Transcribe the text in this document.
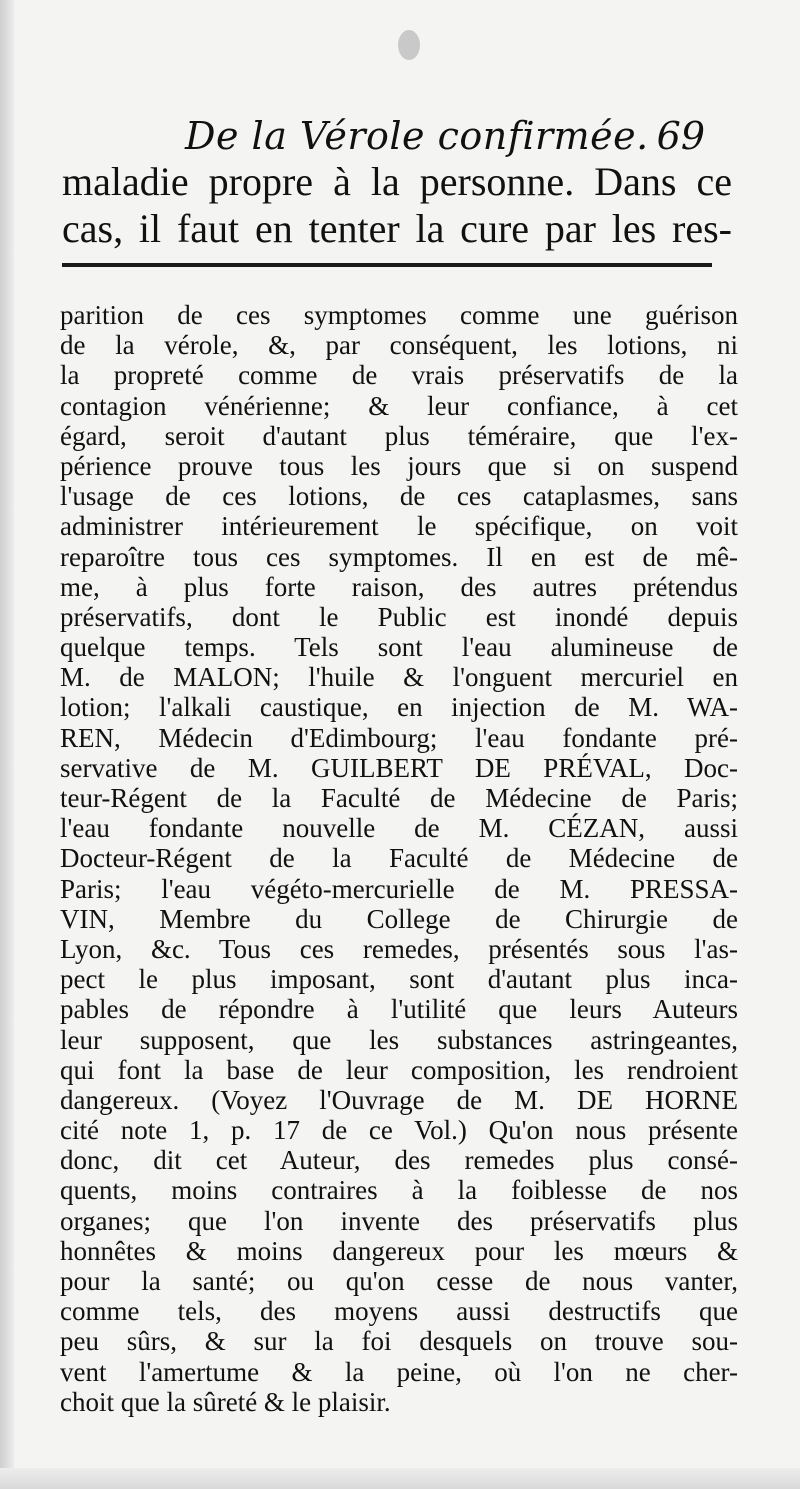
De la Vérole confirmée. 69
maladie propre à la personne. Dans ce
cas, il faut en tenter la cure par les res-
parition de ces symptomes comme une guérison
de la vérole, &, par conséquent, les lotions, ni
la propreté comme de vrais préservatifs de la
contagion vénérienne; & leur confiance, à cet
égard, seroit d'autant plus téméraire, que l'ex-
périence prouve tous les jours que si on suspend
l'usage de ces lotions, de ces cataplasmes, sans
administrer intérieurement le spécifique, on voit
reparoître tous ces symptomes. Il en est de mê-
me, à plus forte raison, des autres prétendus
préservatifs, dont le Public est inondé depuis
quelque temps. Tels sont l'eau alumineuse de
M. de MALON; l'huile & l'onguent mercuriel en
lotion; l'alkali caustique, en injection de M. WA-
REN, Médecin d'Edimbourg; l'eau fondante pré-
servative de M. GUILBERT DE PRÉVAL, Doc-
teur-Régent de la Faculté de Médecine de Paris;
l'eau fondante nouvelle de M. CÉZAN, aussi
Docteur-Régent de la Faculté de Médecine de
Paris; l'eau végéto-mercurielle de M. PRESSA-
VIN, Membre du College de Chirurgie de
Lyon, &c. Tous ces remedes, présentés sous l'as-
pect le plus imposant, sont d'autant plus inca-
pables de répondre à l'utilité que leurs Auteurs
leur supposent, que les substances astringeantes,
qui font la base de leur composition, les rendroient
dangereux. (Voyez l'Ouvrage de M. DE HORNE
cité note 1, p. 17 de ce Vol.) Qu'on nous présente
donc, dit cet Auteur, des remedes plus consé-
quents, moins contraires à la foiblesse de nos
organes; que l'on invente des préservatifs plus
honnêtes & moins dangereux pour les mœurs &
pour la santé; ou qu'on cesse de nous vanter,
comme tels, des moyens aussi destructifs que
peu sûrs, & sur la foi desquels on trouve sou-
vent l'amertume & la peine, où l'on ne cher-
choit que la sûreté & le plaisir.
